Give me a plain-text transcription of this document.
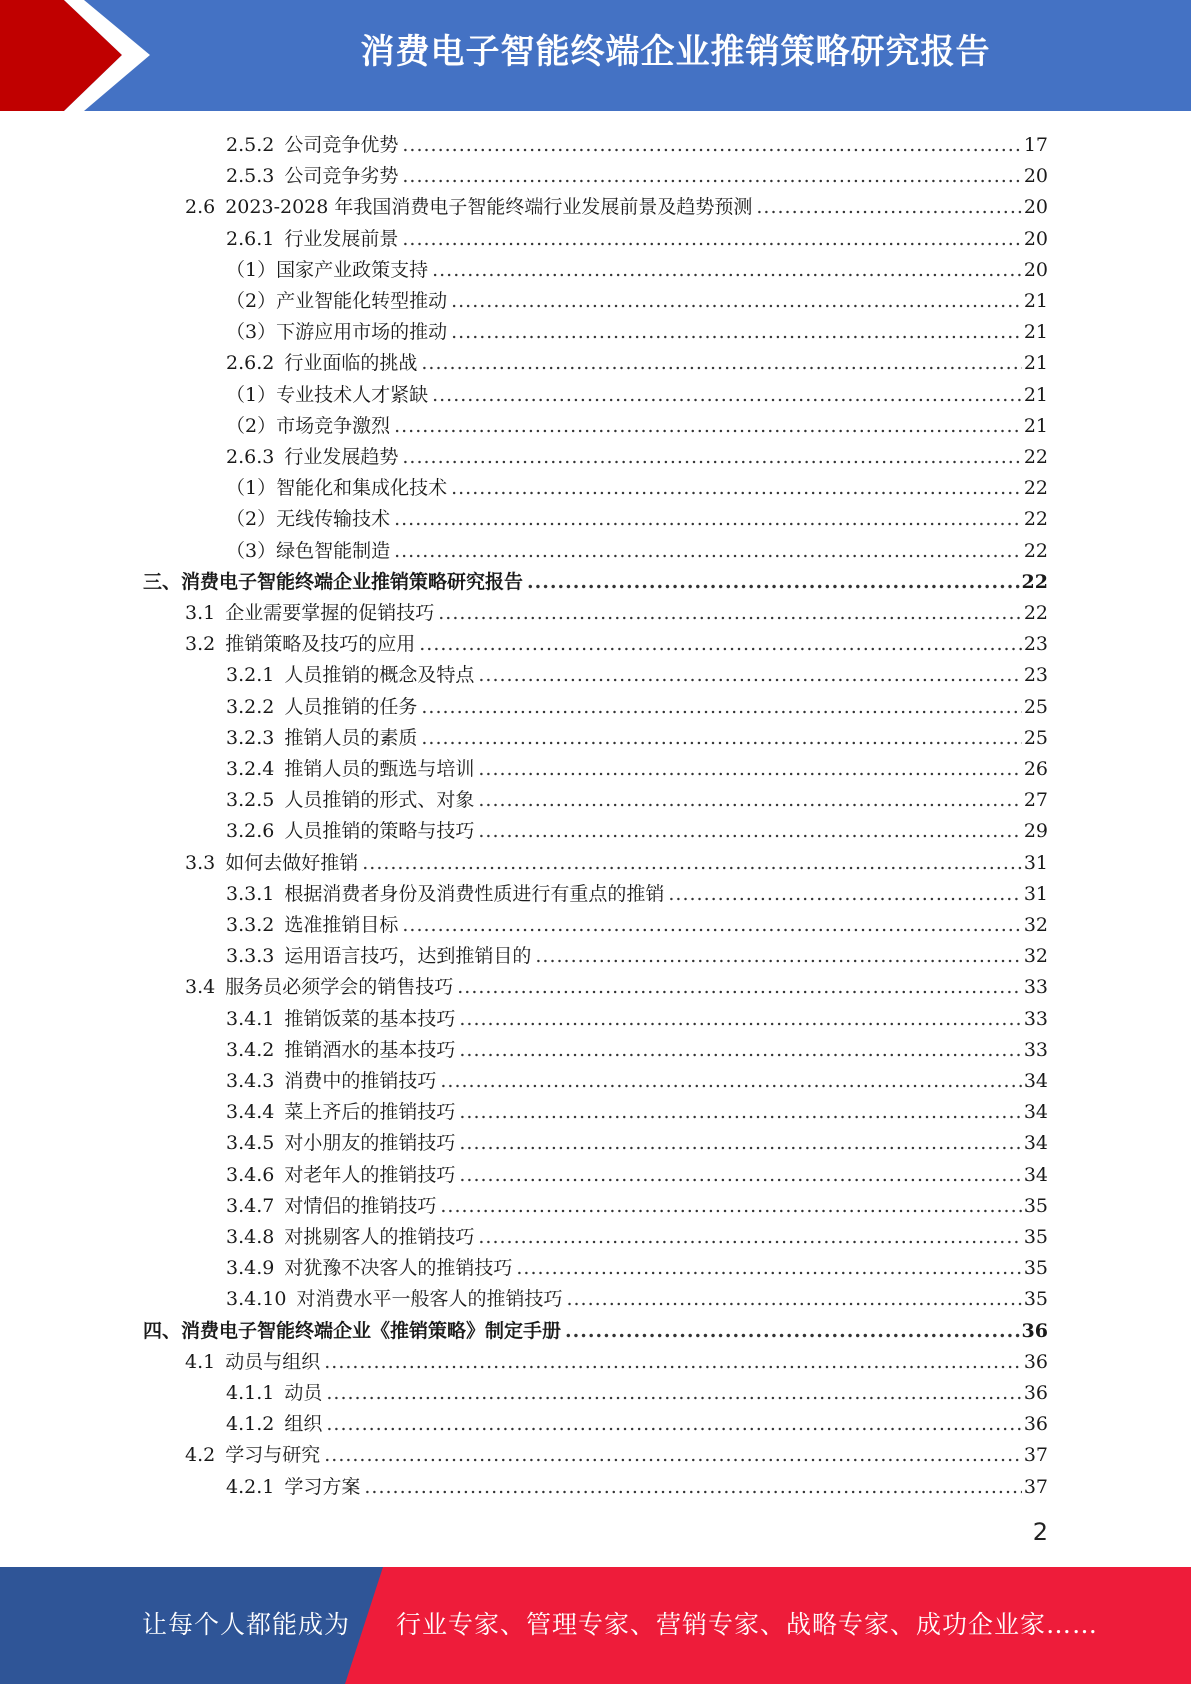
消费电子智能终端企业推销策略研究报告
2.5.2 公司竞争优势 .....	17
2.5.3 公司竞争劣势 .....	20
2.6 2023-2028 年我国消费电子智能终端行业发展前景及趋势预测 .....	20
2.6.1 行业发展前景 .....	20
（1）国家产业政策支持 .....	20
（2）产业智能化转型推动 .....	21
（3）下游应用市场的推动 .....	21
2.6.2 行业面临的挑战 .....	21
（1）专业技术人才紧缺 .....	21
（2）市场竞争激烈 .....	21
2.6.3 行业发展趋势 .....	22
（1）智能化和集成化技术 .....	22
（2）无线传输技术 .....	22
（3）绿色智能制造 .....	22
三、消费电子智能终端企业推销策略研究报告 .....	22
3.1 企业需要掌握的促销技巧 .....	22
3.2 推销策略及技巧的应用 .....	23
3.2.1 人员推销的概念及特点 .....	23
3.2.2 人员推销的任务 .....	25
3.2.3 推销人员的素质 .....	25
3.2.4 推销人员的甄选与培训 .....	26
3.2.5 人员推销的形式、对象 .....	27
3.2.6 人员推销的策略与技巧 .....	29
3.3 如何去做好推销 .....	31
3.3.1 根据消费者身份及消费性质进行有重点的推销 .....	31
3.3.2 选准推销目标 .....	32
3.3.3 运用语言技巧，达到推销目的 .....	32
3.4 服务员必须学会的销售技巧 .....	33
3.4.1 推销饭菜的基本技巧 .....	33
3.4.2 推销酒水的基本技巧 .....	33
3.4.3 消费中的推销技巧 .....	34
3.4.4 菜上齐后的推销技巧 .....	34
3.4.5 对小朋友的推销技巧 .....	34
3.4.6 对老年人的推销技巧 .....	34
3.4.7 对情侣的推销技巧 .....	35
3.4.8 对挑剔客人的推销技巧 .....	35
3.4.9 对犹豫不决客人的推销技巧 .....	35
3.4.10 对消费水平一般客人的推销技巧 .....	35
四、消费电子智能终端企业《推销策略》制定手册 .....	36
4.1 动员与组织 .....	36
4.1.1 动员 .....	36
4.1.2 组织 .....	36
4.2 学习与研究 .....	37
4.2.1 学习方案 .....	37
2
让每个人都能成为 行业专家、管理专家、营销专家、战略专家、成功企业家……
